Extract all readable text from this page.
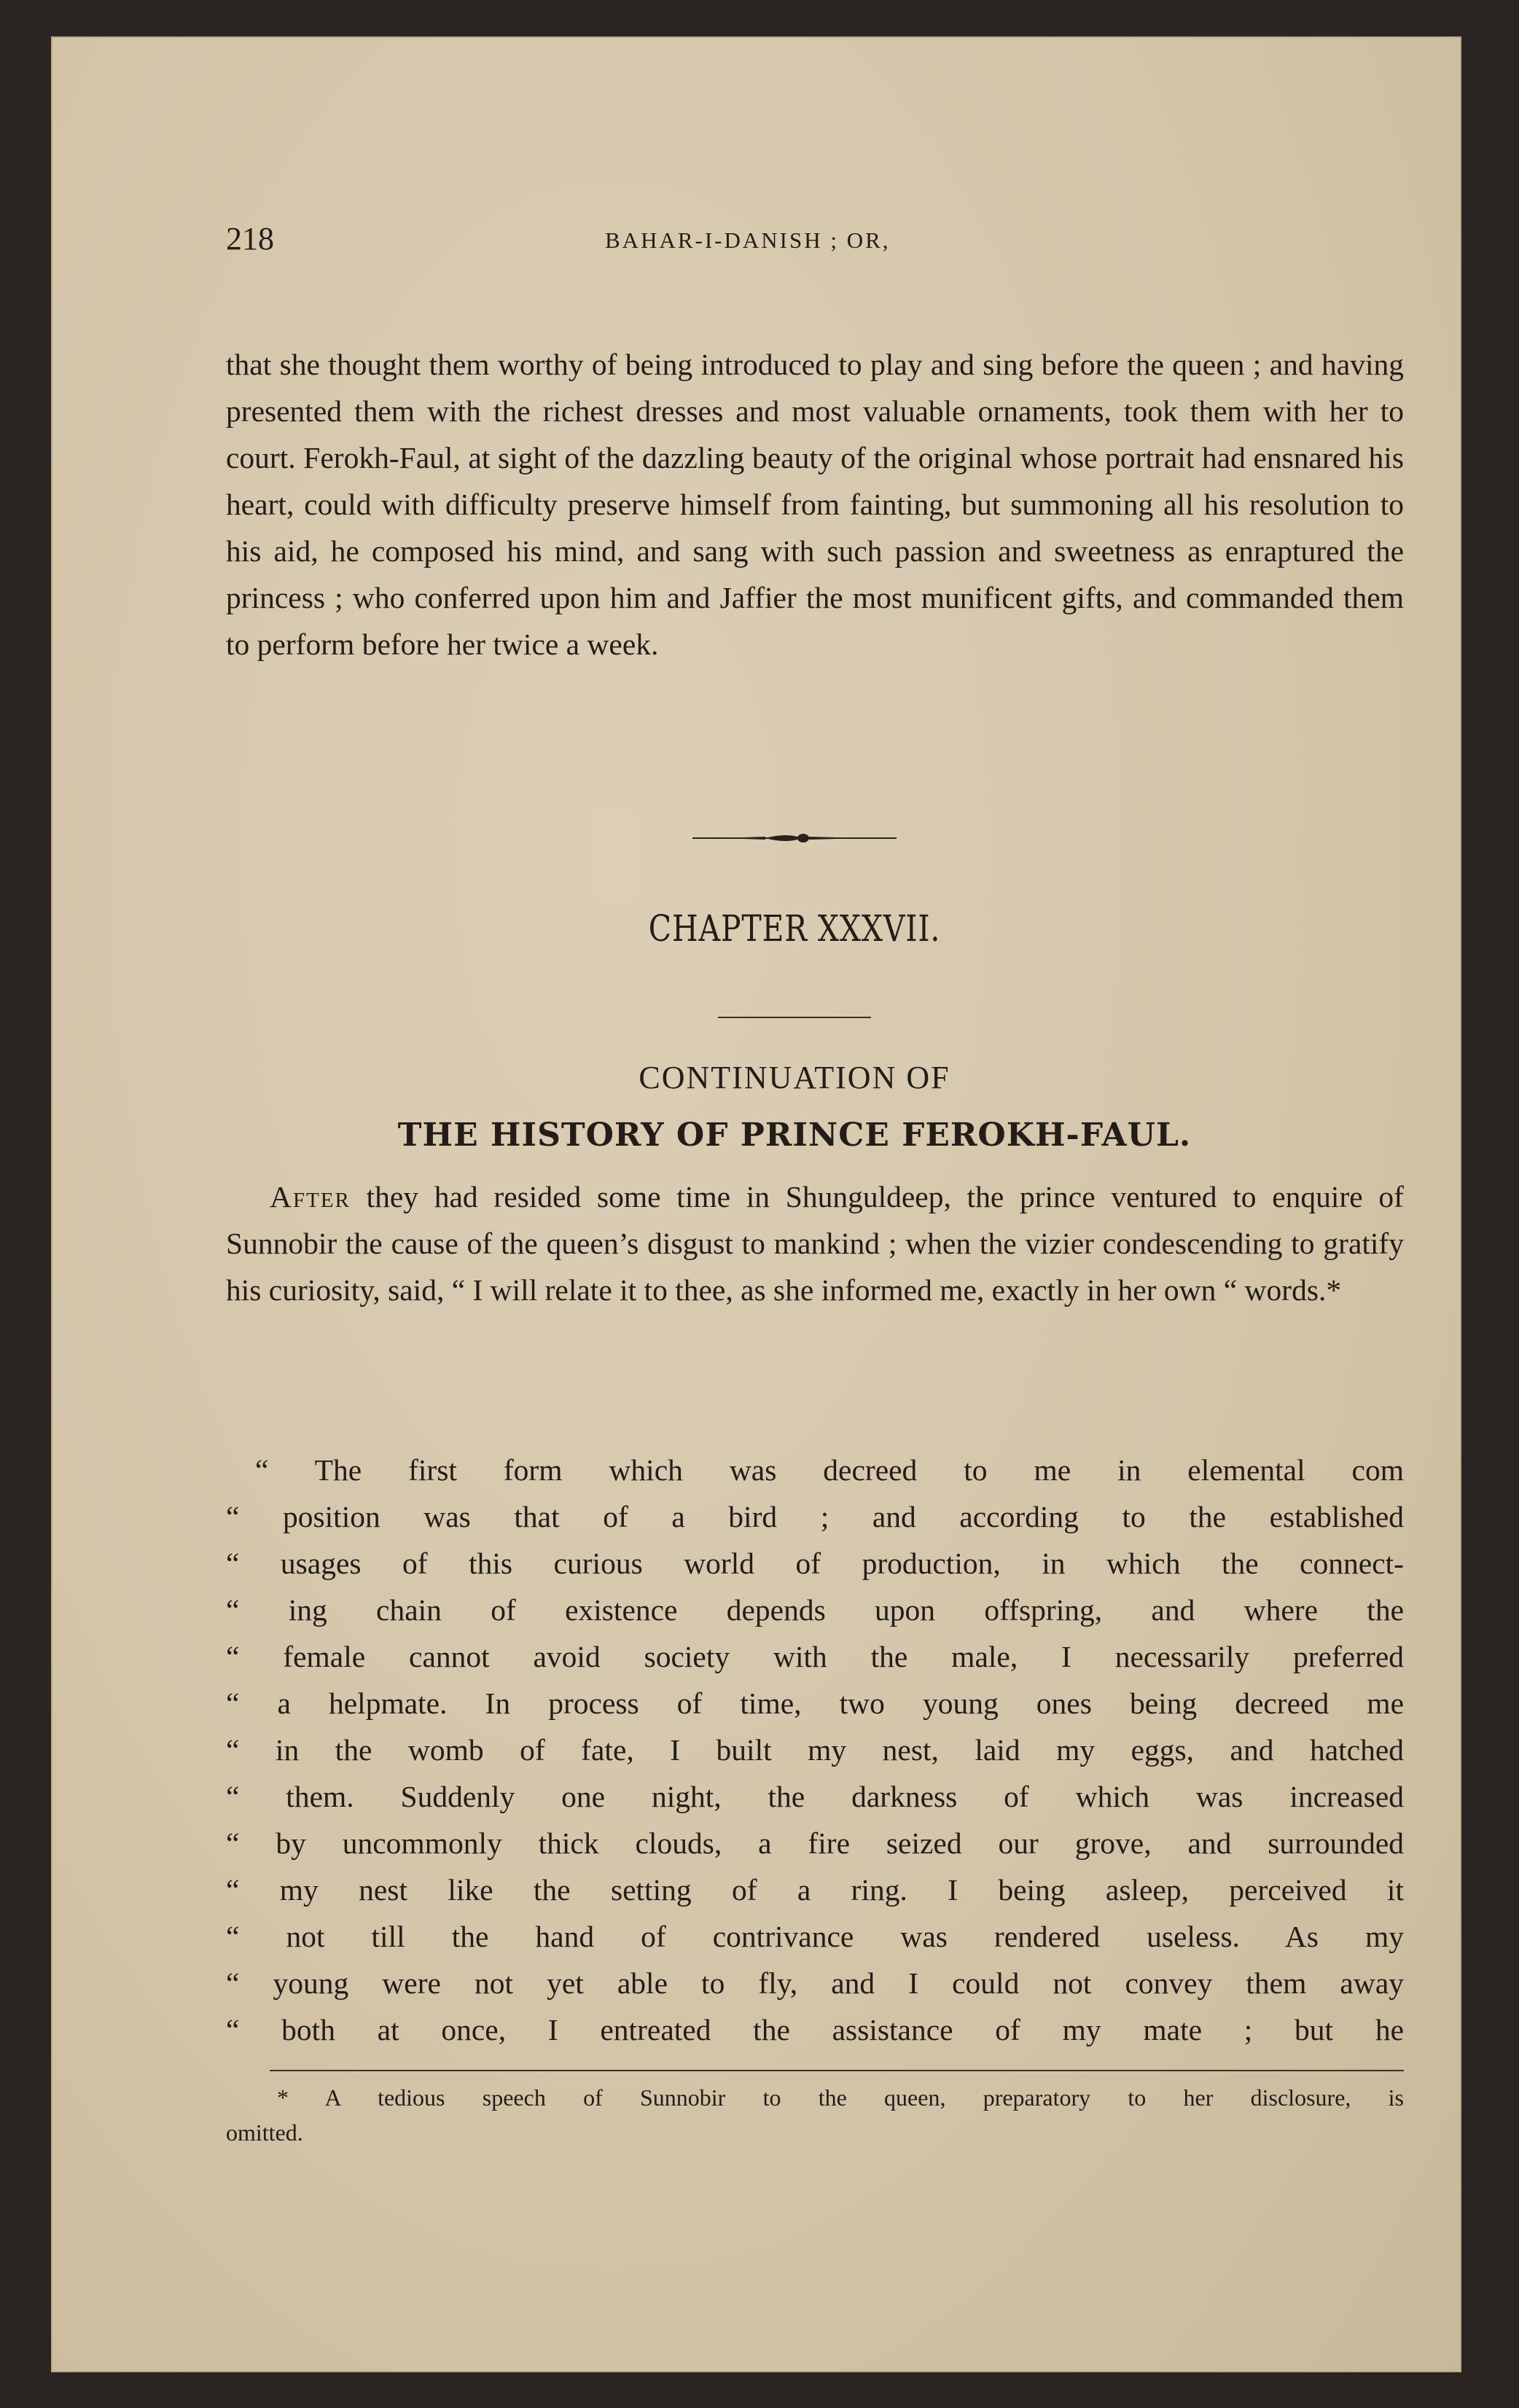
218	BAHAR-I-DANISH ; OR,

that she thought them worthy of being introduced to play and sing before the queen ; and having presented them with the richest dresses and most valuable ornaments, took them with her to court. Ferokh-Faul, at sight of the dazzling beauty of the original whose portrait had ensnared his heart, could with difficulty preserve himself from fainting, but summoning all his resolution to his aid, he composed his mind, and sang with such passion and sweetness as enraptured the princess ; who conferred upon him and Jaffier the most munificent gifts, and commanded them to perform before her twice a week.

CHAPTER XXXVII.
CONTINUATION OF
THE HISTORY OF PRINCE FEROKH-FAUL.

After they had resided some time in Shunguldeep, the prince ventured to enquire of Sunnobir the cause of the queen’s disgust to mankind ; when the vizier condescending to gratify his curiosity, said, “ I will relate it to thee, as she informed me, exactly in her own “ words.*

“ The first form which was decreed to me in elemental com
“ position was that of a bird ; and according to the established
“ usages of this curious world of production, in which the connect-
“ ing chain of existence depends upon offspring, and where the
“ female cannot avoid society with the male, I necessarily preferred
“ a helpmate. In process of time, two young ones being decreed me
“ in the womb of fate, I built my nest, laid my eggs, and hatched
“ them. Suddenly one night, the darkness of which was increased
“ by uncommonly thick clouds, a fire seized our grove, and surrounded
“ my nest like the setting of a ring. I being asleep, perceived it
“ not till the hand of contrivance was rendered useless. As my
“ young were not yet able to fly, and I could not convey them away
“ both at once, I entreated the assistance of my mate ; but he
* A tedious speech of Sunnobir to the queen, preparatory to her disclosure, is
omitted.
